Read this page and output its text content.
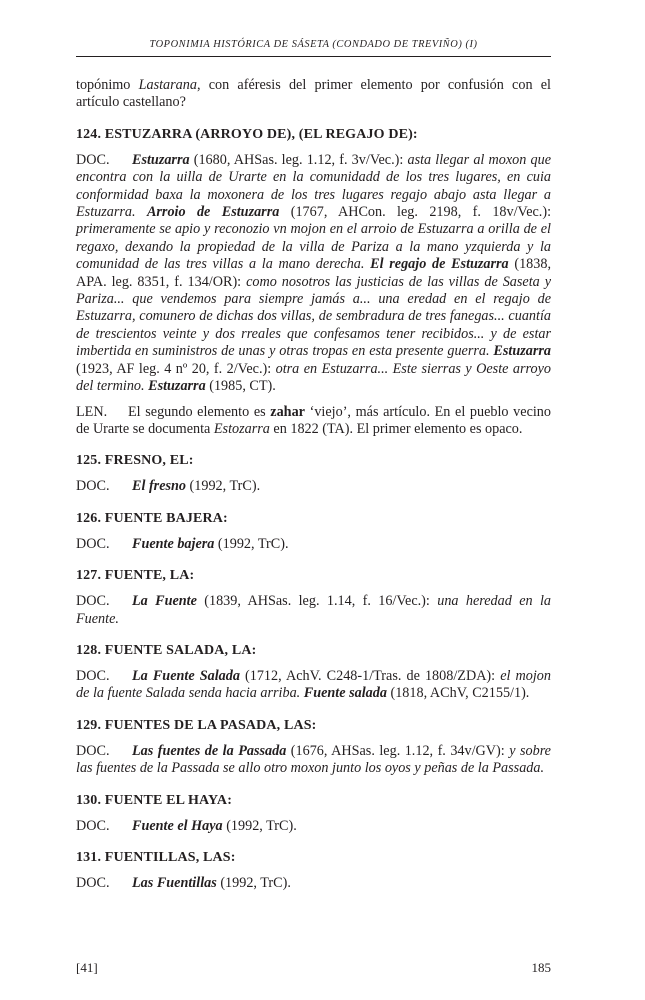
TOPONIMIA HISTÓRICA DE SÁSETA (CONDADO DE TREVIÑO) (I)

topónimo Lastarana, con aféresis del primer elemento por confusión con el artículo castellano?

124. ESTUZARRA (ARROYO DE), (EL REGAJO DE):

DOC. Estuzarra (1680, AHSas. leg. 1.12, f. 3v/Vec.): asta llegar al moxon que encontra con la uilla de Urarte en la comunidadd de los tres lugares, en cuia conformidad baxa la moxonera de los tres lugares regajo abajo asta llegar a Estuzarra. Arroio de Estuzarra (1767, AHCon. leg. 2198, f. 18v/Vec.): primeramente se apio y reconozio vn mojon en el arroio de Estuzarra a orilla de el regaxo, dexando la propiedad de la villa de Pariza a la mano yzquierda y la comunidad de las tres villas a la mano derecha. El regajo de Estuzarra (1838, APA. leg. 8351, f. 134/OR): como nosotros las justicias de las villas de Saseta y Pariza... que vendemos para siempre jamás a... una eredad en el regajo de Estuzarra, comunero de dichas dos villas, de sembradura de tres fanegas... cuantía de trescientos veinte y dos rreales que confesamos tener recibidos... y de estar imbertida en suministros de unas y otras tropas en esta presente guerra. Estuzarra (1923, AF leg. 4 nº 20, f. 2/Vec.): otra en Estuzarra... Este sierras y Oeste arroyo del termino. Estuzarra (1985, CT).

LEN. El segundo elemento es zahar ‘viejo’, más artículo. En el pueblo vecino de Urarte se documenta Estozarra en 1822 (TA). El primer elemento es opaco.

125. FRESNO, EL:

DOC. El fresno (1992, TrC).

126. FUENTE BAJERA:

DOC. Fuente bajera (1992, TrC).

127. FUENTE, LA:

DOC. La Fuente (1839, AHSas. leg. 1.14, f. 16/Vec.): una heredad en la Fuente.

128. FUENTE SALADA, LA:

DOC. La Fuente Salada (1712, AchV. C248-1/Tras. de 1808/ZDA): el mojon de la fuente Salada senda hacia arriba. Fuente salada (1818, AChV, C2155/1).

129. FUENTES DE LA PASADA, LAS:

DOC. Las fuentes de la Passada (1676, AHSas. leg. 1.12, f. 34v/GV): y sobre las fuentes de la Passada se allo otro moxon junto los oyos y peñas de la Passada.

130. FUENTE EL HAYA:

DOC. Fuente el Haya (1992, TrC).

131. FUENTILLAS, LAS:

DOC. Las Fuentillas (1992, TrC).

[41]	185
